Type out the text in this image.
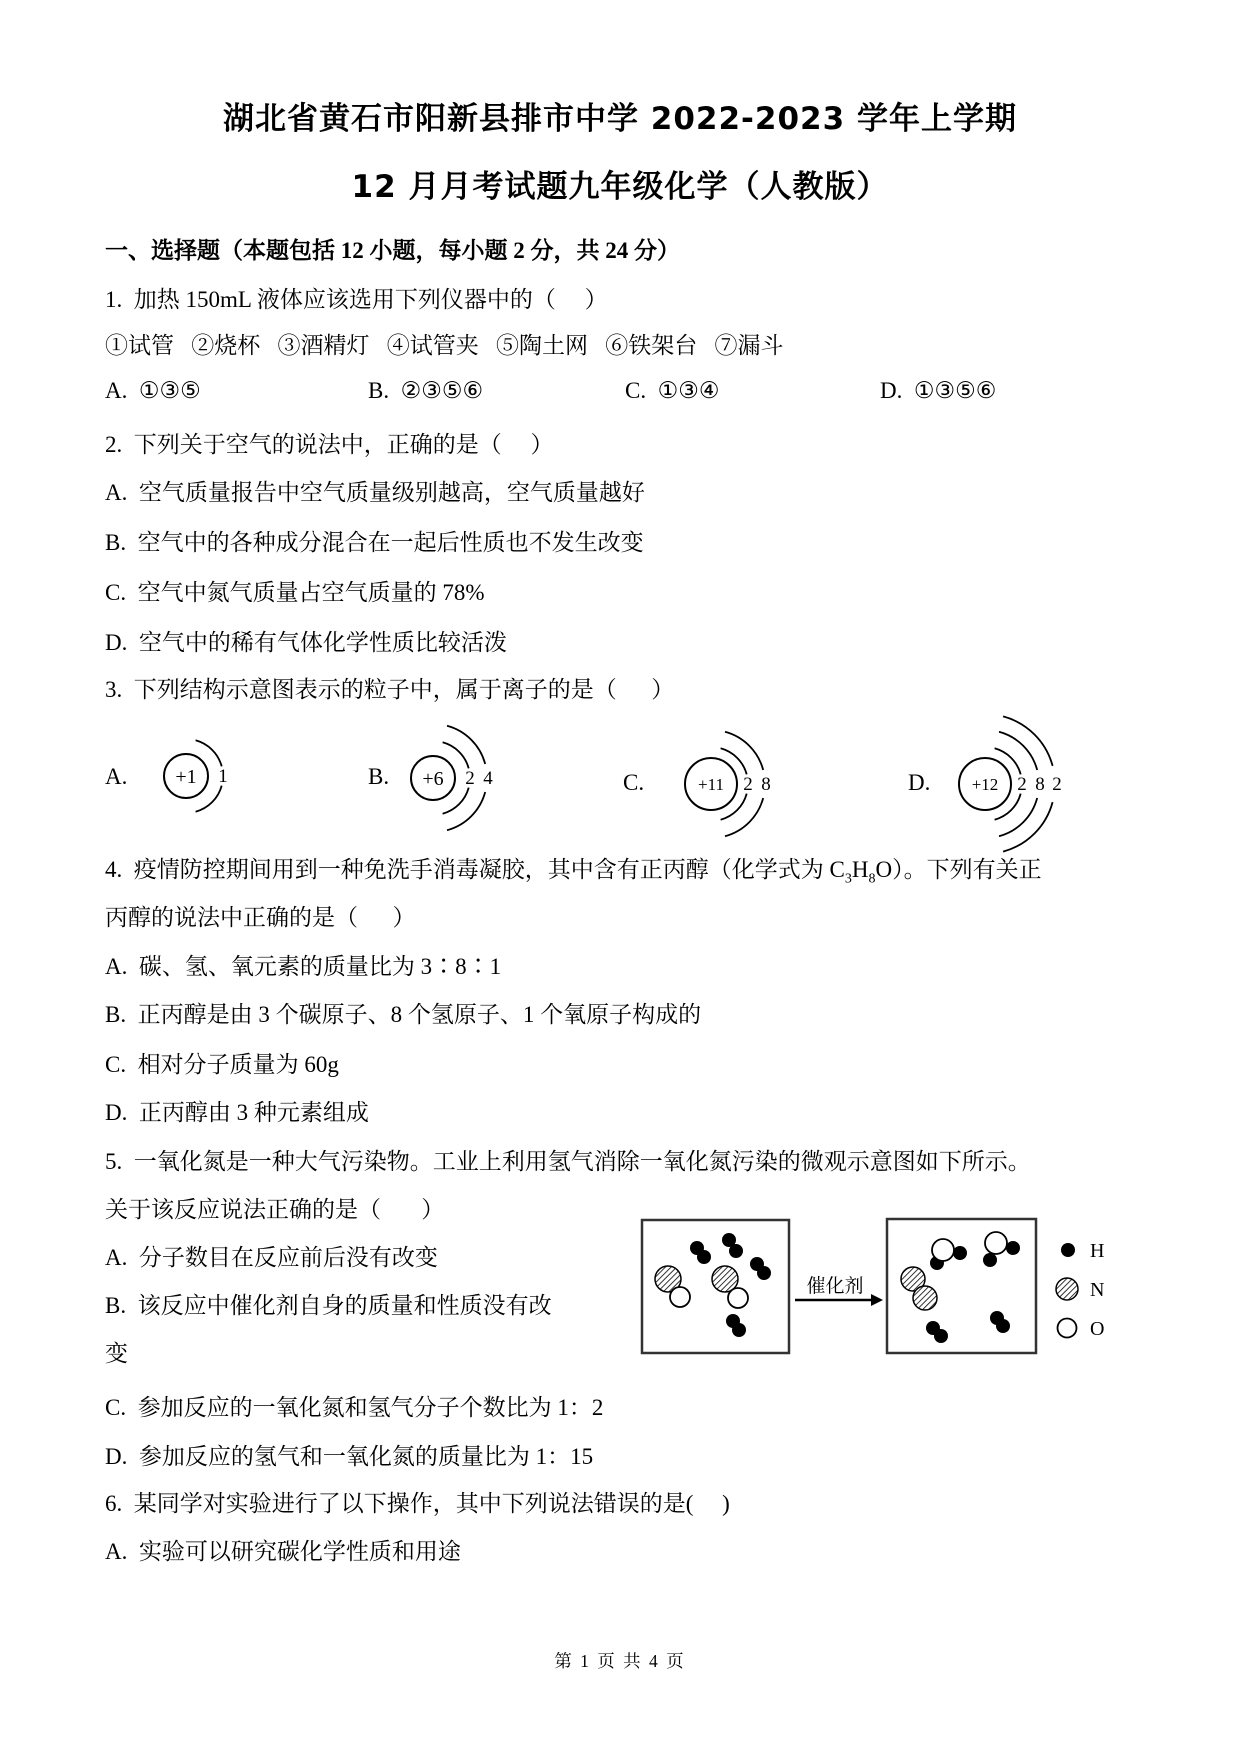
湖北省黄石市阳新县排市中学 2022-2023 学年上学期
12 月月考试题九年级化学（人教版）
一、选择题（本题包括 12 小题，每小题 2 分，共 24 分）
1.  加热 150mL 液体应该选用下列仪器中的（     ）
①试管   ②烧杯   ③酒精灯   ④试管夹   ⑤陶土网   ⑥铁架台   ⑦漏斗
A.  ①③⑤	B.  ②③⑤⑥	C.  ①③④	D.  ①③⑤⑥
2.  下列关于空气的说法中，正确的是（     ）
A.  空气质量报告中空气质量级别越高，空气质量越好
B.  空气中的各种成分混合在一起后性质也不发生改变
C.  空气中氮气质量占空气质量的 78%
D.  空气中的稀有气体化学性质比较活泼
3.  下列结构示意图表示的粒子中，属于离子的是（      ）
A. +1 1	B. +6 2 4	C.	+11 2 8	D. +12 2 8 2
4.  疫情防控期间用到一种免洗手消毒凝胶，其中含有正丙醇（化学式为 $C_3H_8O$）。下列有关正
丙醇的说法中正确的是（      ）
A.  碳、氢、氧元素的质量比为 3∶8∶1
B.  正丙醇是由 3 个碳原子、8 个氢原子、1 个氧原子构成的
C.  相对分子质量为 60g
D.  正丙醇由 3 种元素组成
5.  一氧化氮是一种大气污染物。工业上利用氢气消除一氧化氮污染的微观示意图如下所示。
关于该反应说法正确的是（       ）
A.  分子数目在反应前后没有改变
B.  该反应中催化剂自身的质量和性质没有改
变
催化剂
H
N
O
C.  参加反应的一氧化氮和氢气分子个数比为 1：2
D.  参加反应的氢气和一氧化氮的质量比为 1：15
6.  某同学对实验进行了以下操作，其中下列说法错误的是(     )
A.  实验可以研究碳化学性质和用途
第 1 页 共 4 页
